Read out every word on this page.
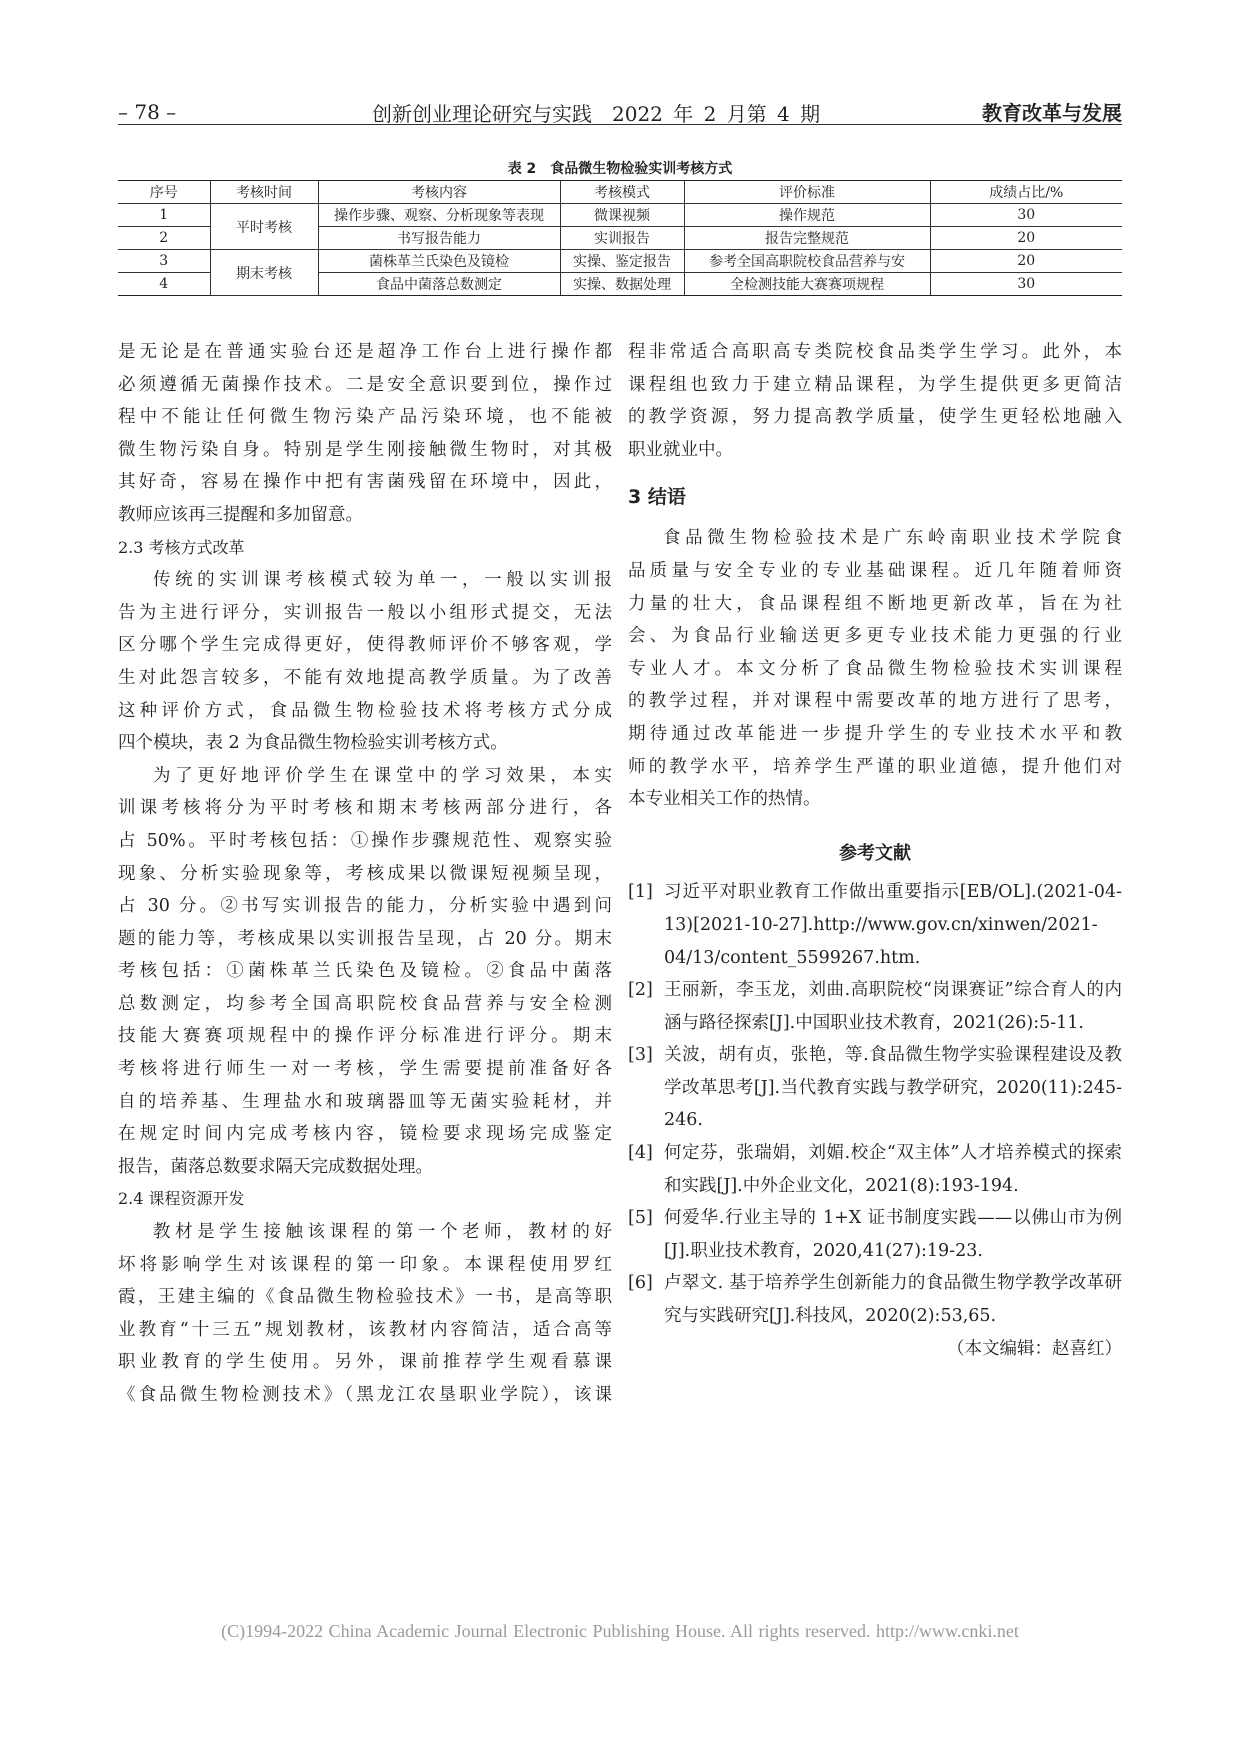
– 78 –	创新创业理论研究与实践　2022 年 2 月第 4 期	教育改革与发展
表 2　食品微生物检验实训考核方式
序号	考核时间	考核内容	考核模式	评价标准	成绩占比/%
1	平时考核	操作步骤、观察、分析现象等表现	微课视频	操作规范	30
2		书写报告能力	实训报告	报告完整规范	20
3	期末考核	菌株革兰氏染色及镜检	实操、鉴定报告	参考全国高职院校食品营养与安	20
4		食品中菌落总数测定	实操、数据处理	全检测技能大赛赛项规程	30

是无论是在普通实验台还是超净工作台上进行操作都

必须遵循无菌操作技术。二是安全意识要到位，操作过

程中不能让任何微生物污染产品污染环境，也不能被

微生物污染自身。特别是学生刚接触微生物时，对其极

其好奇，容易在操作中把有害菌残留在环境中，因此，

教师应该再三提醒和多加留意。

2.3 考核方式改革

传统的实训课考核模式较为单一，一般以实训报

告为主进行评分，实训报告一般以小组形式提交，无法

区分哪个学生完成得更好，使得教师评价不够客观，学

生对此怨言较多，不能有效地提高教学质量。为了改善

这种评价方式，食品微生物检验技术将考核方式分成

四个模块，表 2 为食品微生物检验实训考核方式。

为了更好地评价学生在课堂中的学习效果，本实

训课考核将分为平时考核和期末考核两部分进行，各

占 50%。平时考核包括：①操作步骤规范性、观察实验

现象、分析实验现象等，考核成果以微课短视频呈现，

占 30 分。②书写实训报告的能力，分析实验中遇到问

题的能力等，考核成果以实训报告呈现，占 20 分。期末

考核包括：①菌株革兰氏染色及镜检。②食品中菌落

总数测定，均参考全国高职院校食品营养与安全检测

技能大赛赛项规程中的操作评分标准进行评分。期末

考核将进行师生一对一考核，学生需要提前准备好各

自的培养基、生理盐水和玻璃器皿等无菌实验耗材，并

在规定时间内完成考核内容，镜检要求现场完成鉴定

报告，菌落总数要求隔天完成数据处理。

2.4 课程资源开发

教材是学生接触该课程的第一个老师，教材的好

坏将影响学生对该课程的第一印象。本课程使用罗红

霞，王建主编的《食品微生物检验技术》一书，是高等职

业教育“十三五”规划教材，该教材内容简洁，适合高等

职业教育的学生使用。另外，课前推荐学生观看慕课

《食品微生物检测技术》（黑龙江农垦职业学院），该课

程非常适合高职高专类院校食品类学生学习。此外，本

课程组也致力于建立精品课程，为学生提供更多更简洁

的教学资源，努力提高教学质量，使学生更轻松地融入

职业就业中。

3 结语

食品微生物检验技术是广东岭南职业技术学院食

品质量与安全专业的专业基础课程。近几年随着师资

力量的壮大，食品课程组不断地更新改革，旨在为社

会、为食品行业输送更多更专业技术能力更强的行业

专业人才。本文分析了食品微生物检验技术实训课程

的教学过程，并对课程中需要改革的地方进行了思考，

期待通过改革能进一步提升学生的专业技术水平和教

师的教学水平，培养学生严谨的职业道德，提升他们对

本专业相关工作的热情。

参考文献

[1] 习近平对职业教育工作做出重要指示[EB/OL].(2021-04-13)[2021-10-27].http://www.gov.cn/xinwen/2021-04/13/content_5599267.htm.
[2] 王丽新，李玉龙，刘曲.高职院校“岗课赛证”综合育人的内涵与路径探索[J].中国职业技术教育，2021(26):5-11.
[3] 关波，胡有贞，张艳，等.食品微生物学实验课程建设及教学改革思考[J].当代教育实践与教学研究，2020(11):245-246.
[4] 何定芬，张瑞娟，刘媚.校企“双主体”人才培养模式的探索和实践[J].中外企业文化，2021(8):193-194.
[5] 何爱华.行业主导的 1+X 证书制度实践——以佛山市为例[J].职业技术教育，2020,41(27):19-23.
[6] 卢翠文. 基于培养学生创新能力的食品微生物学教学改革研究与实践研究[J].科技风，2020(2):53,65.

（本文编辑：赵喜红）

(C)1994-2022 China Academic Journal Electronic Publishing House. All rights reserved. http://www.cnki.net
